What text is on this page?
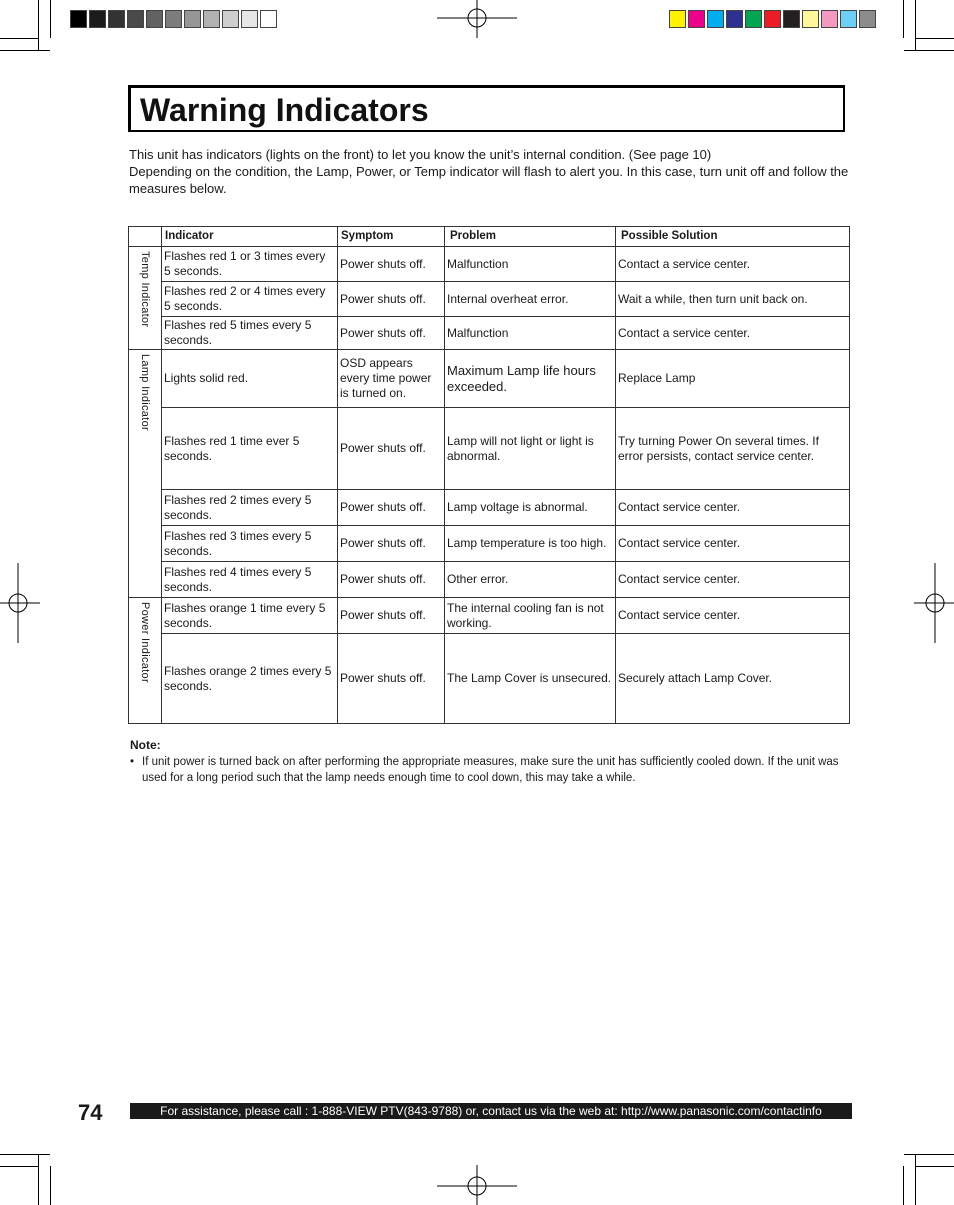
Warning Indicators
This unit has indicators (lights on the front) to let you know the unit’s internal condition. (See page 10)
Depending on the condition, the Lamp, Power, or Temp indicator will flash to alert you. In this case, turn unit off and follow the measures below.
	Indicator	Symptom	Problem	Possible Solution

Temp Indicator	Flashes red 1 or 3 times every 5 seconds.	Power shuts off.	Malfunction	Contact a service center.
	Flashes red 2 or 4 times every 5 seconds.	Power shuts off.	Internal overheat error.	Wait a while, then turn unit back on.
	Flashes red 5 times every 5 seconds.	Power shuts off.	Malfunction	Contact a service center.

Lamp Indicator	Lights solid red.	OSD appears every time power is turned on.	Maximum Lamp life hours exceeded.	Replace Lamp
	Flashes red 1 time ever 5 seconds.	Power shuts off.	Lamp will not light or light is abnormal.	Try turning Power On several times. If error persists, contact service center.
	Flashes red 2 times every 5 seconds.	Power shuts off.	Lamp voltage is abnormal.	Contact service center.
	Flashes red 3 times every 5 seconds.	Power shuts off.	Lamp temperature is too high.	Contact service center.
	Flashes red 4 times every 5 seconds.	Power shuts off.	Other error.	Contact service center.

Power Indicator	Flashes orange 1 time every 5 seconds.	Power shuts off.	The internal cooling fan is not working.	Contact service center.
	Flashes orange 2 times every 5 seconds.	Power shuts off.	The Lamp Cover is unsecured.	Securely attach Lamp Cover.
Note:
• If unit power is turned back on after performing the appropriate measures, make sure the unit has sufficiently cooled down. If the unit was used for a long period such that the lamp needs enough time to cool down, this may take a while.
74	For assistance, please call : 1-888-VIEW PTV(843-9788) or, contact us via the web at: http://www.panasonic.com/contactinfo
